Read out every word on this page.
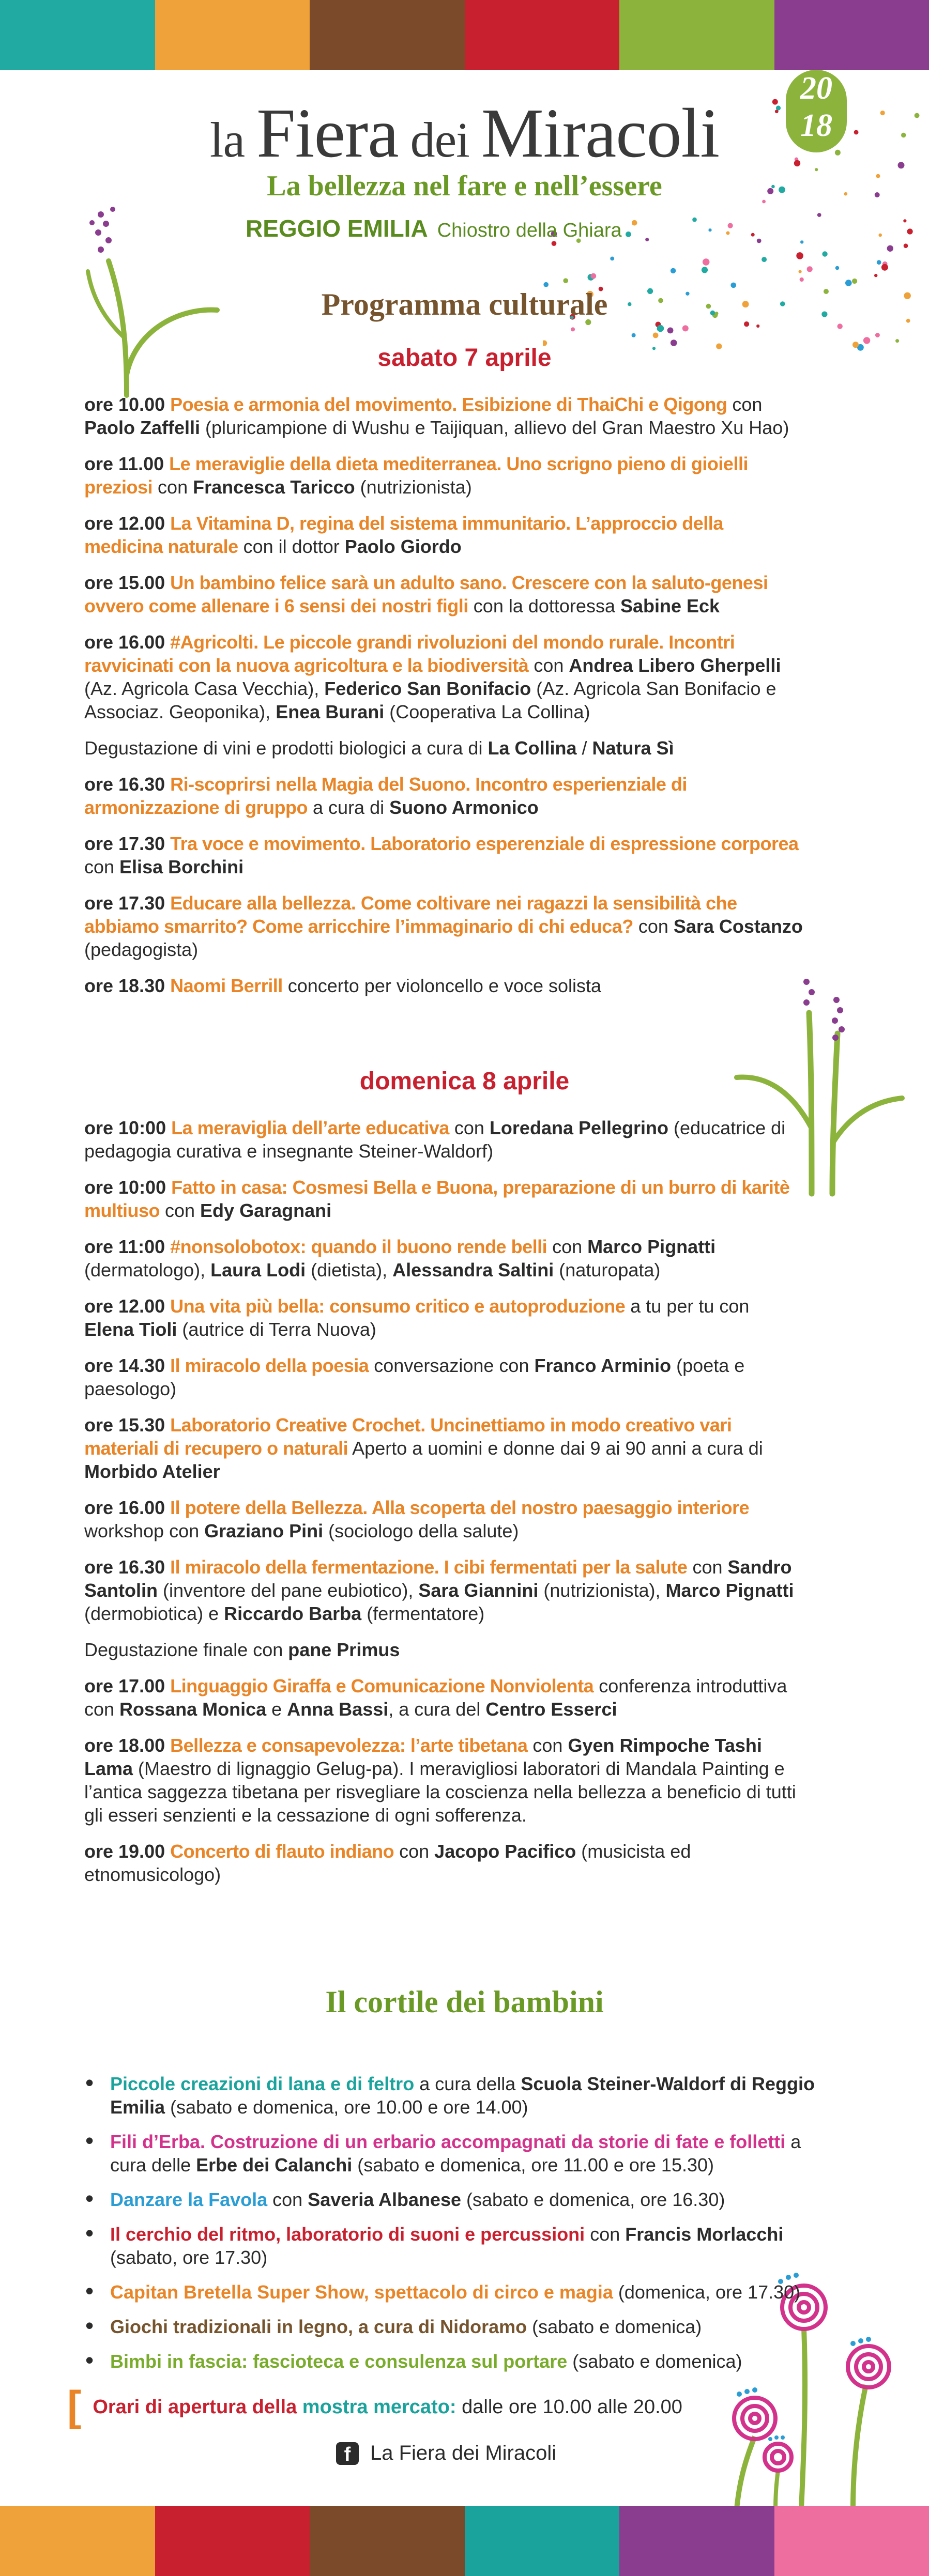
la Fiera dei Miracoli
20
18
La bellezza nel fare e nell’essere
REGGIO EMILIA Chiostro della Ghiara
Programma culturale
sabato 7 aprile
ore 10.00 Poesia e armonia del movimento. Esibizione di ThaiChi e Qigong con Paolo Zaffelli (pluricampione di Wushu e Taijiquan, allievo del Gran Maestro Xu Hao)
ore 11.00 Le meraviglie della dieta mediterranea. Uno scrigno pieno di gioielli preziosi con Francesca Taricco (nutrizionista)
ore 12.00 La Vitamina D, regina del sistema immunitario. L’approccio della medicina naturale con il dottor Paolo Giordo
ore 15.00 Un bambino felice sarà un adulto sano. Crescere con la saluto-genesi ovvero come allenare i 6 sensi dei nostri figli con la dottoressa Sabine Eck
ore 16.00 #Agricolti. Le piccole grandi rivoluzioni del mondo rurale. Incontri ravvicinati con la nuova agricoltura e la biodiversità con Andrea Libero Gherpelli (Az. Agricola Casa Vecchia), Federico San Bonifacio (Az. Agricola San Bonifacio e Associaz. Geoponika), Enea Burani (Cooperativa La Collina)
Degustazione di vini e prodotti biologici a cura di La Collina / Natura Sì
ore 16.30 Ri-scoprirsi nella Magia del Suono. Incontro esperienziale di armonizzazione di gruppo a cura di Suono Armonico
ore 17.30 Tra voce e movimento. Laboratorio esperenziale di espressione corporea con Elisa Borchini
ore 17.30 Educare alla bellezza. Come coltivare nei ragazzi la sensibilità che abbiamo smarrito? Come arricchire l’immaginario di chi educa? con Sara Costanzo (pedagogista)
ore 18.30 Naomi Berrill concerto per violoncello e voce solista
domenica 8 aprile
ore 10:00 La meraviglia dell’arte educativa con Loredana Pellegrino (educatrice di pedagogia curativa e insegnante Steiner-Waldorf)
ore 10:00 Fatto in casa: Cosmesi Bella e Buona, preparazione di un burro di karitè multiuso con Edy Garagnani
ore 11:00 #nonsolobotox: quando il buono rende belli con Marco Pignatti (dermatologo), Laura Lodi (dietista), Alessandra Saltini (naturopata)
ore 12.00 Una vita più bella: consumo critico e autoproduzione a tu per tu con Elena Tioli (autrice di Terra Nuova)
ore 14.30 Il miracolo della poesia conversazione con Franco Arminio (poeta e paesologo)
ore 15.30 Laboratorio Creative Crochet. Uncinettiamo in modo creativo vari materiali di recupero o naturali Aperto a uomini e donne dai 9 ai 90 anni a cura di Morbido Atelier
ore 16.00 Il potere della Bellezza. Alla scoperta del nostro paesaggio interiore workshop con Graziano Pini (sociologo della salute)
ore 16.30 Il miracolo della fermentazione. I cibi fermentati per la salute con Sandro Santolin (inventore del pane eubiotico), Sara Giannini (nutrizionista), Marco Pignatti (dermobiotica) e Riccardo Barba (fermentatore)
Degustazione finale con pane Primus
ore 17.00 Linguaggio Giraffa e Comunicazione Nonviolenta conferenza introduttiva con Rossana Monica e Anna Bassi, a cura del Centro Esserci
ore 18.00 Bellezza e consapevolezza: l’arte tibetana con Gyen Rimpoche Tashi Lama (Maestro di lignaggio Gelug-pa). I meravigliosi laboratori di Mandala Painting e l’antica saggezza tibetana per risvegliare la coscienza nella bellezza a beneficio di tutti gli esseri senzienti e la cessazione di ogni sofferenza.
ore 19.00 Concerto di flauto indiano con Jacopo Pacifico (musicista ed etnomusicologo)
Il cortile dei bambini
• Piccole creazioni di lana e di feltro a cura della Scuola Steiner-Waldorf di Reggio Emilia (sabato e domenica, ore 10.00 e ore 14.00)
• Fili d’Erba. Costruzione di un erbario accompagnati da storie di fate e folletti a cura delle Erbe dei Calanchi (sabato e domenica, ore 11.00 e ore 15.30)
• Danzare la Favola con Saveria Albanese (sabato e domenica, ore 16.30)
• Il cerchio del ritmo, laboratorio di suoni e percussioni con Francis Morlacchi (sabato, ore 17.30)
• Capitan Bretella Super Show, spettacolo di circo e magia (domenica, ore 17.30)
• Giochi tradizionali in legno, a cura di Nidoramo (sabato e domenica)
• Bimbi in fascia: fascioteca e consulenza sul portare (sabato e domenica)
[ Orari di apertura della mostra mercato: dalle ore 10.00 alle 20.00
f La Fiera dei Miracoli
